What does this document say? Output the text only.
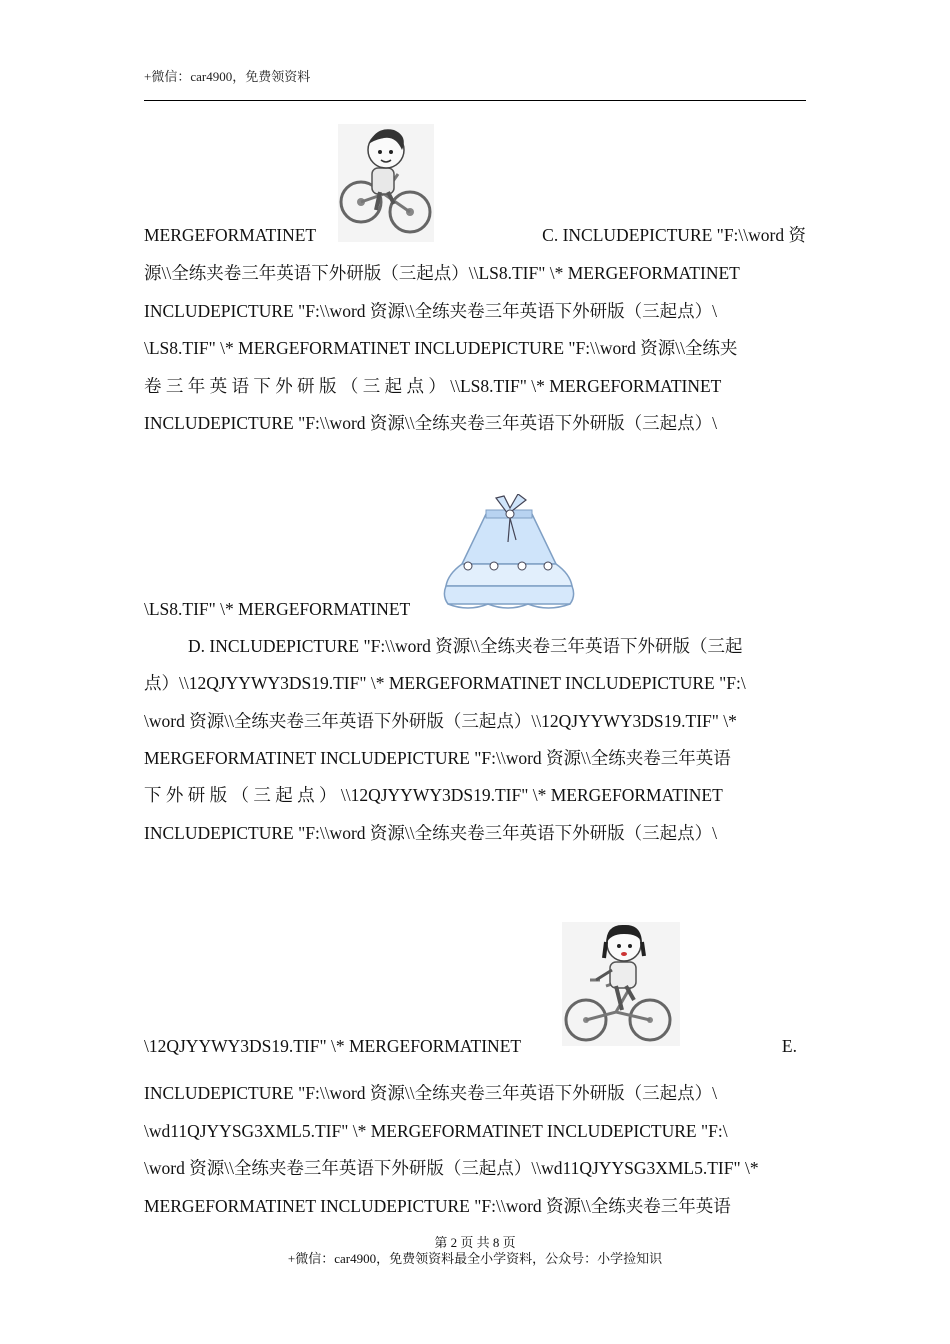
+微信：car4900，免费领资料
MERGEFORMATINET	C. INCLUDEPICTURE "F:\\word 资
源\\全练夹卷三年英语下外研版（三起点）\\LS8.TIF" \* MERGEFORMATINET
INCLUDEPICTURE "F:\\word 资源\\全练夹卷三年英语下外研版（三起点）\
\LS8.TIF" \* MERGEFORMATINET INCLUDEPICTURE "F:\\word 资源\\全练夹
卷 三 年 英 语 下 外 研 版 （ 三 起 点 ） \\LS8.TIF" \* MERGEFORMATINET
INCLUDEPICTURE "F:\\word 资源\\全练夹卷三年英语下外研版（三起点）\
\LS8.TIF" \* MERGEFORMATINET
D. INCLUDEPICTURE "F:\\word 资源\\全练夹卷三年英语下外研版（三起
点）\\12QJYYWY3DS19.TIF" \* MERGEFORMATINET INCLUDEPICTURE "F:\
\word 资源\\全练夹卷三年英语下外研版（三起点）\\12QJYYWY3DS19.TIF" \*
MERGEFORMATINET INCLUDEPICTURE "F:\\word 资源\\全练夹卷三年英语
下 外 研 版 （ 三 起 点 ） \\12QJYYWY3DS19.TIF" \* MERGEFORMATINET
INCLUDEPICTURE "F:\\word 资源\\全练夹卷三年英语下外研版（三起点）\
\12QJYYWY3DS19.TIF" \* MERGEFORMATINET	E.
INCLUDEPICTURE "F:\\word 资源\\全练夹卷三年英语下外研版（三起点）\
\wd11QJYYSG3XML5.TIF" \* MERGEFORMATINET INCLUDEPICTURE "F:\
\word 资源\\全练夹卷三年英语下外研版（三起点）\\wd11QJYYSG3XML5.TIF" \*
MERGEFORMATINET INCLUDEPICTURE "F:\\word 资源\\全练夹卷三年英语
第 2 页 共 8 页
+微信：car4900，免费领资料最全小学资料，公众号：小学捡知识
